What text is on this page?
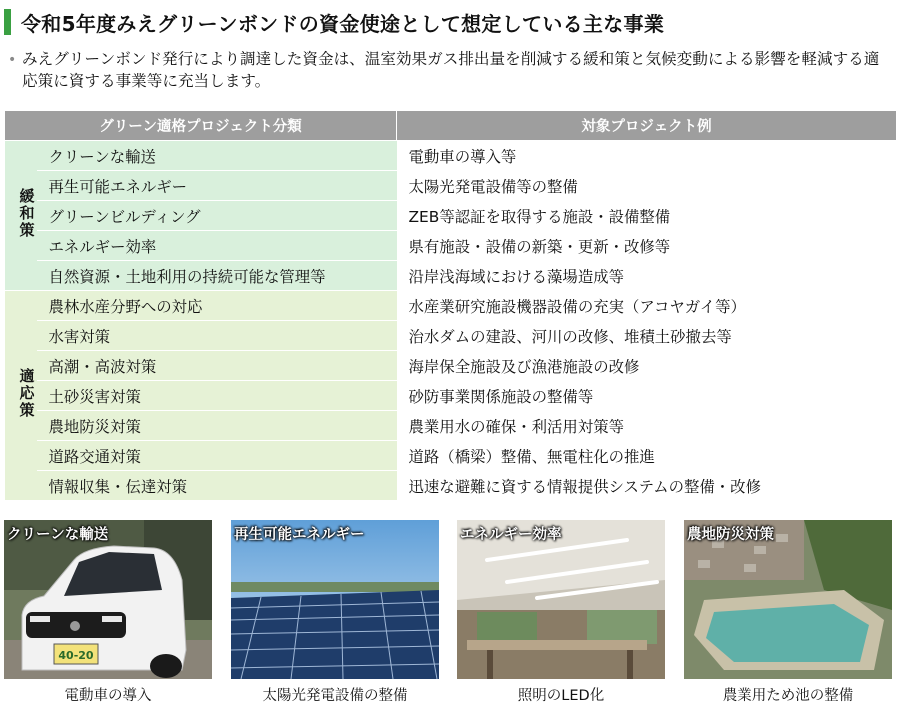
令和5年度みえグリーンボンドの資金使途として想定している主な事業
• みえグリーンボンド発行により調達した資金は、温室効果ガス排出量を削減する緩和策と気候変動による影響を軽減する適応策に資する事業等に充当します。
グリーン適格プロジェクト分類		対象プロジェクト例
緩和策	クリーンな輸送	電動車の導入等
	再生可能エネルギー	太陽光発電設備等の整備
	グリーンビルディング	ZEB等認証を取得する施設・設備整備
	エネルギー効率	県有施設・設備の新築・更新・改修等
	自然資源・土地利用の持続可能な管理等	沿岸浅海域における藻場造成等
適応策	農林水産分野への対応	水産業研究施設機器設備の充実（アコヤガイ等）
	水害対策	治水ダムの建設、河川の改修、堆積土砂撤去等
	高潮・高波対策	海岸保全施設及び漁港施設の改修
	土砂災害対策	砂防事業関係施設の整備等
	農地防災対策	農業用水の確保・利活用対策等
	道路交通対策	道路（橋梁）整備、無電柱化の推進
	情報収集・伝達対策	迅速な避難に資する情報提供システムの整備・改修
40-20
クリーンな輸送
電動車の導入
再生可能エネルギー
太陽光発電設備の整備
エネルギー効率
照明のLED化
農地防災対策
農業用ため池の整備
